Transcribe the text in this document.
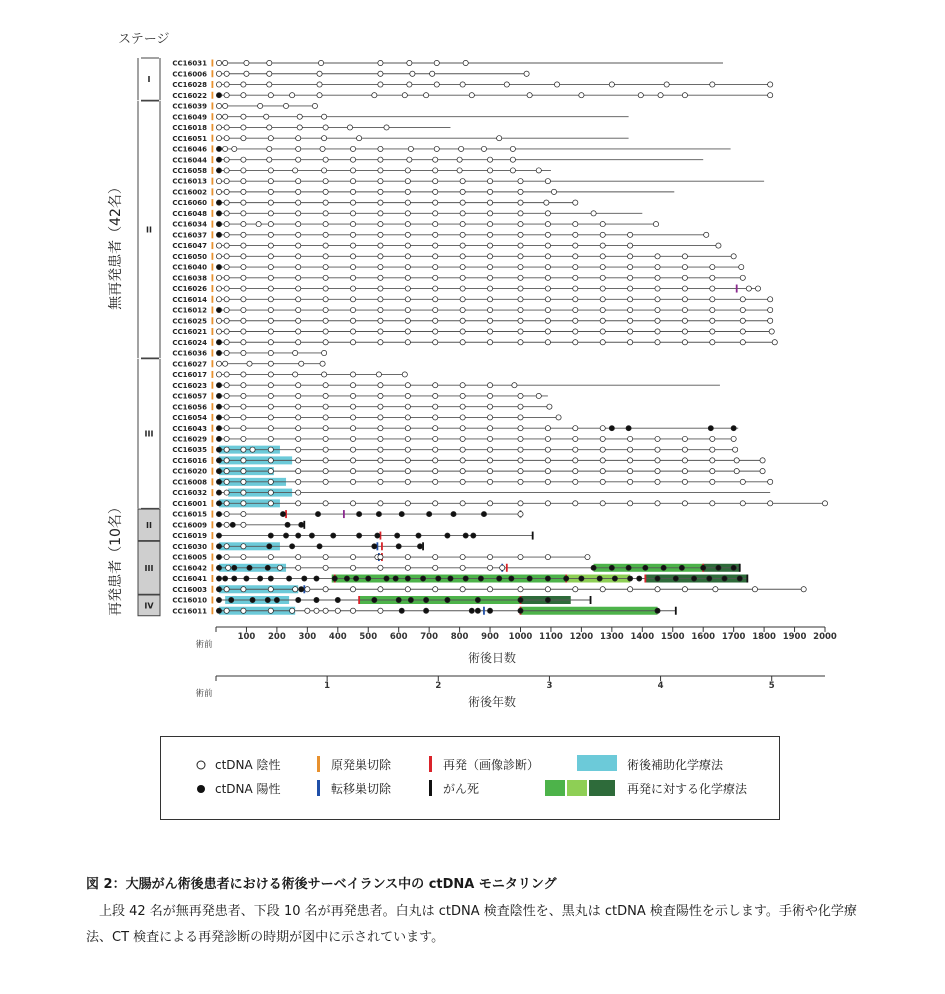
ステージ
無再発患者（42名）
再発患者（10名）
I
II
III
II
III
IV
CC16031
CC16006
CC16028
CC16022
CC16039
CC16049
CC16018
CC16051
CC16046
CC16044
CC16058
CC16013
CC16002
CC16060
CC16048
CC16034
CC16037
CC16047
CC16050
CC16040
CC16038
CC16026
CC16014
CC16012
CC16025
CC16021
CC16024
CC16036
CC16027
CC16017
CC16023
CC16057
CC16056
CC16054
CC16043
CC16029
CC16035
CC16016
CC16020
CC16008
CC16032
CC16001
CC16015
CC16009
CC16019
CC16030
CC16005
CC16042
CC16041
CC16003
CC16010
CC16011
術前
100 200 300 400 500 600 700 800 900 1000 1100 1200 1300 1400 1500 1600 1700 1800 1900 2000
術後日数
術前
1	2	3	4	5
術後年数
ctDNA 陰性
ctDNA 陽性
原発巣切除
転移巣切除
再発（画像診断）
がん死
術後補助化学療法
再発に対する化学療法
図 2：大腸がん術後患者における術後サーベイランス中の ctDNA モニタリング
上段 42 名が無再発患者、下段 10 名が再発患者。白丸は ctDNA 検査陰性を、黒丸は ctDNA 検査陽性を示します。手術や化学療法、CT 検査による再発診断の時期が図中に示されています。
